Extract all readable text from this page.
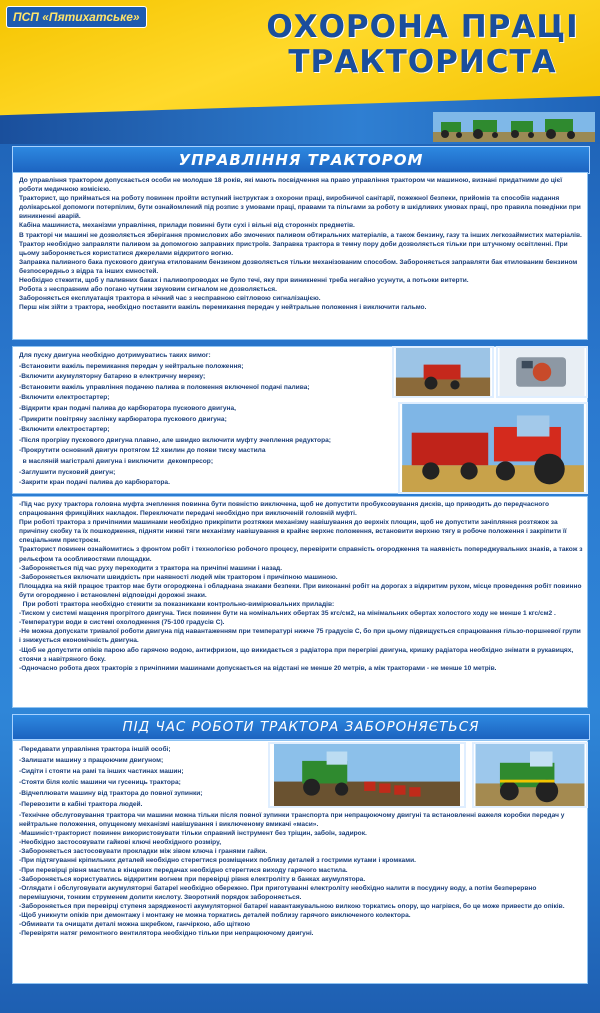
ПСП «Пятихатське»	ОХОРОНА ПРАЦІ
ТРАКТОРИСТА
УПРАВЛІННЯ ТРАКТОРОМ
До управління трактором допускається особи не молодше 18 років, які мають посвідчення на право управління трактором чи машиною, визнані придатними до цієї роботи медичною комісією.
Тракторист, що прийматься на роботу повинен пройти вступний інструктаж з охорони праці, виробничої санітарії, пожежної безпеки, прийомів та способів надання долікарської допомоги потерпілим, бути ознайомлений під розпис з умовами праці, правами та пільгами за роботу в шкідливих умовах праці, про правила поведінки при виникненні аварій.
Кабіна машиниста, механізми управління, прилади повинні бути сухі і вільні від сторонніх предметів.
В тракторі чи машині не дозволяється зберігання промислових або змочених паливом обтиральних матеріалів, а також бензину, газу та інших легкозаймистих матеріалів.
Трактор необхідно заправляти паливом за допомогою заправних пристроїв. Заправка трактора в темну пору доби дозволяється тільки при штучному освітленні. При цьому забороняється користатися джерелами відкритого вогню.
Заправка паливного бака пускового двигуна етилованим бензином дозволяється тільки механізованим способом. Забороняється заправляти бак етилованим бензином безпосередньо з відра та інших ємностей.
Необхідно стежити, щоб у паливних баках і паливопроводах не було течі, яку при виникненні треба негайно усунути, а потьоки витерти.
Робота з несправним або погано чутним звуковим сигналом не дозволяється.
Забороняється експлуатація трактора в нічний час з несправною світловою сигналізацією.
Перш ніж зійти з трактора, необхідно поставити важіль перемикання передач у нейтральне положення і виключити гальмо.
Для пуску двигуна необхідно дотримуватись таких вимог:
-Встановити важіль перемикання передач у нейтральне положення;
-Включити акумуляторну батарею в електричну мережу;
-Встановити важіль управління подачею палива в положення включеної подачі палива;
-Включити електростартер;
-Відкрити кран подачі палива до карбюратора пускового двигуна,
-Прикрити повітряну заслінку карбюратора пускового двигуна;
-Включити електростартер;
-Після прогріву пускового двигуна плавно, але швидко включити муфту зчеплення редуктора;
-Прокрутити основний двигун протягом 12 хвилин до появи тиску мастила
в масляній магістралі двигуна і виключити  декомпресор;
-Заглушити пусковий двигун;
-Закрити кран подачі палива до карбюратора.
-Під час руху трактора головна муфта зчеплення повинна бути повністю виключена, щоб не допустити пробуксовування дисків, що приводить до передчасного спрацювання фрикційних накладок. Переключати передачі необхідно при виключеній головній муфті.
При роботі трактора з причіпними машинами необхідно прикріпити розтяжки механізму навішування до верхніх площин, щоб не допустити зачіпляння розтяжок за причіпну скобку та їх пошкодження, підняти нижні тяги механізму навішування в крайнє верхнє положення, встановити верхню тягу в робоче положення і закріпити її спеціальним пристроєм.
Тракторист повинен ознайомитись з фронтом робіт і технологією робочого процесу, перевірити справність огородження та наявність попереджувальних знаків, а також з рельєфом та особливостями площадки.
-Забороняється під час руху переходити з трактора на причіпні машини і назад.
-Забороняється включати швидкість при наявності людей між трактором і причіпною машиною.
Площадка на якій працює трактор має бути огороджена і обладнана знаками безпеки. При виконанні робіт на дорогах з відкритим рухом, місце проведення робіт повинно бути огороджено і встановлені відповідні дорожні знаки.
При роботі трактора необхідно стежити за показниками контрольно-вимірювальних приладів:
-Тиском у системі мащення прогрітого двигуна. Тиск повинен бути на номінальних обертах 35 кгс/см2, на мінімальних обертах холостого ходу не менше 1 кгс/см2 .
-Температури води в системі охолодження (75-100 градусів С).
-Не можна допускати тривалої роботи двигуна під навантаженням при температурі нижче 75 градусів С, бо при цьому підвищується спрацювання гільзо-поршневої групи і знижується економічність двигуна.
-Щоб не допустити опіків парою або гарячою водою, антифризом, що викидається з радіатора при перегріві двигуна, кришку радіатора необхідно знімати в рукавицях, стоячи з навітряного боку.
-Одночасно робота двох тракторів з причіпними машинами допускається на відстані не менше 20 метрів, а між тракторами - не менше 10 метрів.
ПІД ЧАС РОБОТИ ТРАКТОРА ЗАБОРОНЯЄТЬСЯ
-Передавати управління трактора іншій особі;
-Залишати машину з працюючим двигуном;
-Сидіти і стояти на рамі та інших частинах машин;
-Стояти біля колiс машини чи гусениць трактора;
-Відчеплювати машину від трактора до повної зупинки;
-Перевозити в кабіні трактора людей.
-Технічне обслуговування трактора чи машини можна тільки після повної зупинки транспорта при непрацюючому двигуні та встановленні важеля коробки передач у нейтральне положення, опущеному механізмі навішування і виключеному вмикачі «маси».
-Машиніст-тракторист повинен використовувати тільки справний інструмент без тріщин, забоїн, задирок.
-Необхідно застосовувати гайкові ключі необхідного розміру,
-Забороняється застосовувати прокладки між зівом ключа і гранями гайки.
-При підтягуванні кріпильних деталей необхідно стерегтися розміщених поблизу деталей з гострими кутами і кромками.
-При перевірці рівня мастила в кінцевих передачах необхідно стерегтися виходу гарячого мастила.
-Забороняється користуватись відкритим вогнем при перевірці рівня електроліту в банках акумулятора.
-Оглядати і обслуговувати акумуляторні батареї необхідно обережно. При приготуванні електроліту необхідно налити в посудину воду, а потім безперервно перемішуючи, тонким струменем долити кислоту. Зворотний порядок забороняється.
-Забороняється при перевірці ступеня зарядженості акумуляторної батареї навантажувальною вилкою торкатись опору, що нагрівся, бо це може привести до опіків.
-Щоб уникнути опіків при демонтажу і монтажу не можна торкатись деталей поблизу гарячого виключеного колектора.
-Обмивати та очищати деталі можна шкребком, ганчіркою, або щіткою
-Перевіряти натяг ремонтного вентилятора необхідно тільки при непрацюючому двигуні.
